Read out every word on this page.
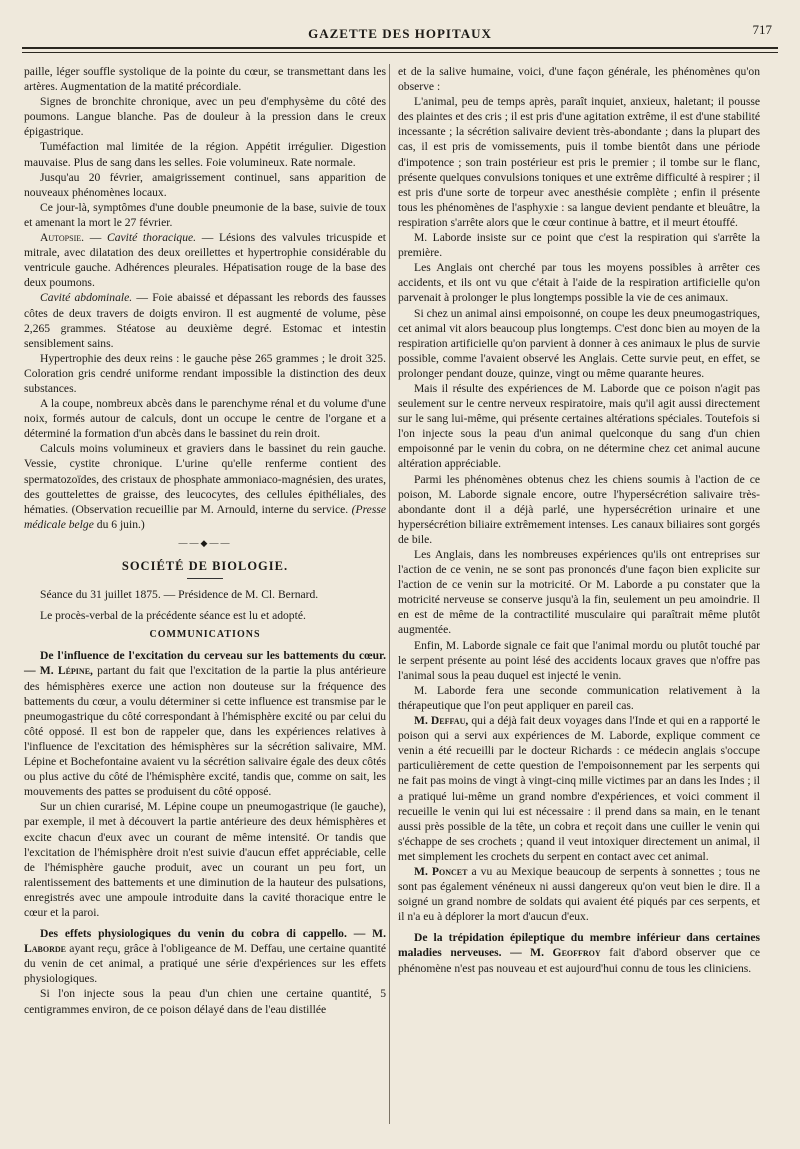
GAZETTE DES HOPITAUX	717

paille, léger souffle systolique de la pointe du cœur, se transmettant dans les artères. Augmentation de la matité précordiale.

Signes de bronchite chronique, avec un peu d'emphysème du côté des poumons. Langue blanche. Pas de douleur à la pression dans le creux épigastrique.

Tuméfaction mal limitée de la région. Appétit irrégulier. Digestion mauvaise. Plus de sang dans les selles. Foie volumineux. Rate normale.

Jusqu'au 20 février, amaigrissement continuel, sans apparition de nouveaux phénomènes locaux.

Ce jour-là, symptômes d'une double pneumonie de la base, suivie de toux et amenant la mort le 27 février.

Autopsie. — Cavité thoracique. — Lésions des valvules tricuspide et mitrale, avec dilatation des deux oreillettes et hypertrophie considérable du ventricule gauche. Adhérences pleurales. Hépatisation rouge de la base des deux poumons.

Cavité abdominale. — Foie abaissé et dépassant les rebords des fausses côtes de deux travers de doigts environ. Il est augmenté de volume, pèse 2,265 grammes. Stéatose au deuxième degré. Estomac et intestin sensiblement sains.

Hypertrophie des deux reins : le gauche pèse 265 grammes ; le droit 325. Coloration gris cendré uniforme rendant impossible la distinction des deux substances.

A la coupe, nombreux abcès dans le parenchyme rénal et du volume d'une noix, formés autour de calculs, dont un occupe le centre de l'organe et a déterminé la formation d'un abcès dans le bassinet du rein droit.

Calculs moins volumineux et graviers dans le bassinet du rein gauche. Vessie, cystite chronique. L'urine qu'elle renferme contient des spermatozoïdes, des cristaux de phosphate ammoniaco-magnésien, des urates, des gouttelettes de graisse, des leucocytes, des cellules épithéliales, des hématies. (Observation recueillie par M. Arnould, interne du service. (Presse médicale belge du 6 juin.)

——◆——
SOCIÉTÉ DE BIOLOGIE.

Séance du 31 juillet 1875. — Présidence de M. Cl. Bernard.

Le procès-verbal de la précédente séance est lu et adopté.

COMMUNICATIONS

De l'influence de l'excitation du cerveau sur les battements du cœur. — M. Lépine, partant du fait que l'excitation de la partie la plus antérieure des hémisphères exerce une action non douteuse sur la fréquence des battements du cœur, a voulu déterminer si cette influence est transmise par le pneumogastrique du côté correspondant à l'hémisphère excité ou par celui du côté opposé. Il est bon de rappeler que, dans les expériences relatives à l'influence de l'excitation des hémisphères sur la sécrétion salivaire, MM. Lépine et Bochefontaine avaient vu la sécrétion salivaire égale des deux côtés ou plus active du côté de l'hémisphère excité, tandis que, comme on sait, les mouvements des pattes se produisent du côté opposé.

Sur un chien curarisé, M. Lépine coupe un pneumogastrique (le gauche), par exemple, il met à découvert la partie antérieure des deux hémisphères et excite chacun d'eux avec un courant de même intensité. Or tandis que l'excitation de l'hémisphère droit n'est suivie d'aucun effet appréciable, celle de l'hémisphère gauche produit, avec un courant un peu fort, un ralentissement des battements et une diminution de la hauteur des pulsations, enregistrés avec une ampoule introduite dans la cavité thoracique entre le cœur et la paroi.

Des effets physiologiques du venin du cobra di cappello. — M. Laborde ayant reçu, grâce à l'obligeance de M. Deffau, une certaine quantité du venin de cet animal, a pratiqué une série d'expériences sur les effets physiologiques.

Si l'on injecte sous la peau d'un chien une certaine quantité, 5 centigrammes environ, de ce poison délayé dans de l'eau distillée

et de la salive humaine, voici, d'une façon générale, les phénomènes qu'on observe :

L'animal, peu de temps après, paraît inquiet, anxieux, haletant; il pousse des plaintes et des cris ; il est pris d'une agitation extrême, il est d'une stabilité incessante ; la sécrétion salivaire devient très-abondante ; dans la plupart des cas, il est pris de vomissements, puis il tombe bientôt dans une période d'impotence ; son train postérieur est pris le premier ; il tombe sur le flanc, présente quelques convulsions toniques et une extrême difficulté à respirer ; il est pris d'une sorte de torpeur avec anesthésie complète ; enfin il présente tous les phénomènes de l'asphyxie : sa langue devient pendante et bleuâtre, la respiration s'arrête alors que le cœur continue à battre, et il meurt étouffé.

M. Laborde insiste sur ce point que c'est la respiration qui s'arrête la première.

Les Anglais ont cherché par tous les moyens possibles à arrêter ces accidents, et ils ont vu que c'était à l'aide de la respiration artificielle qu'on parvenait à prolonger le plus longtemps possible la vie de ces animaux.

Si chez un animal ainsi empoisonné, on coupe les deux pneumogastriques, cet animal vit alors beaucoup plus longtemps. C'est donc bien au moyen de la respiration artificielle qu'on parvient à donner à ces animaux le plus de survie possible, comme l'avaient observé les Anglais. Cette survie peut, en effet, se prolonger pendant douze, quinze, vingt ou même quarante heures.

Mais il résulte des expériences de M. Laborde que ce poison n'agit pas seulement sur le centre nerveux respiratoire, mais qu'il agit aussi directement sur le sang lui-même, qui présente certaines altérations spéciales. Toutefois si l'on injecte sous la peau d'un animal quelconque du sang d'un chien empoisonné par le venin du cobra, on ne détermine chez cet animal aucune altération appréciable.

Parmi les phénomènes obtenus chez les chiens soumis à l'action de ce poison, M. Laborde signale encore, outre l'hypersécrétion salivaire très-abondante dont il a déjà parlé, une hypersécrétion urinaire et une hypersécrétion biliaire extrêmement intenses. Les canaux biliaires sont gorgés de bile.

Les Anglais, dans les nombreuses expériences qu'ils ont entreprises sur l'action de ce venin, ne se sont pas prononcés d'une façon bien explicite sur l'action de ce venin sur la motricité. Or M. Laborde a pu constater que la motricité nerveuse se conserve jusqu'à la fin, seulement un peu amoindrie. Il en est de même de la contractilité musculaire qui paraîtrait même plutôt augmentée.

Enfin, M. Laborde signale ce fait que l'animal mordu ou plutôt touché par le serpent présente au point lésé des accidents locaux graves que n'offre pas l'animal sous la peau duquel est injecté le venin.

M. Laborde fera une seconde communication relativement à la thérapeutique que l'on peut appliquer en pareil cas.

M. Deffau, qui a déjà fait deux voyages dans l'Inde et qui en a rapporté le poison qui a servi aux expériences de M. Laborde, explique comment ce venin a été recueilli par le docteur Richards : ce médecin anglais s'occupe particulièrement de cette question de l'empoisonnement par les serpents qui ne fait pas moins de vingt à vingt-cinq mille victimes par an dans les Indes ; il a pratiqué lui-même un grand nombre d'expériences, et voici comment il recueille le venin qui lui est nécessaire : il prend dans sa main, en le tenant aussi près possible de la tête, un cobra et reçoit dans une cuiller le venin qui s'échappe de ses crochets ; quand il veut intoxiquer directement un animal, il met simplement les crochets du serpent en contact avec cet animal.

M. Poncet a vu au Mexique beaucoup de serpents à sonnettes ; tous ne sont pas également vénéneux ni aussi dangereux qu'on veut bien le dire. Il a soigné un grand nombre de soldats qui avaient été piqués par ces serpents, et il n'a eu à déplorer la mort d'aucun d'eux.

De la trépidation épileptique du membre inférieur dans certaines maladies nerveuses. — M. Geoffroy fait d'abord observer que ce phénomène n'est pas nouveau et est aujourd'hui connu de tous les cliniciens.
